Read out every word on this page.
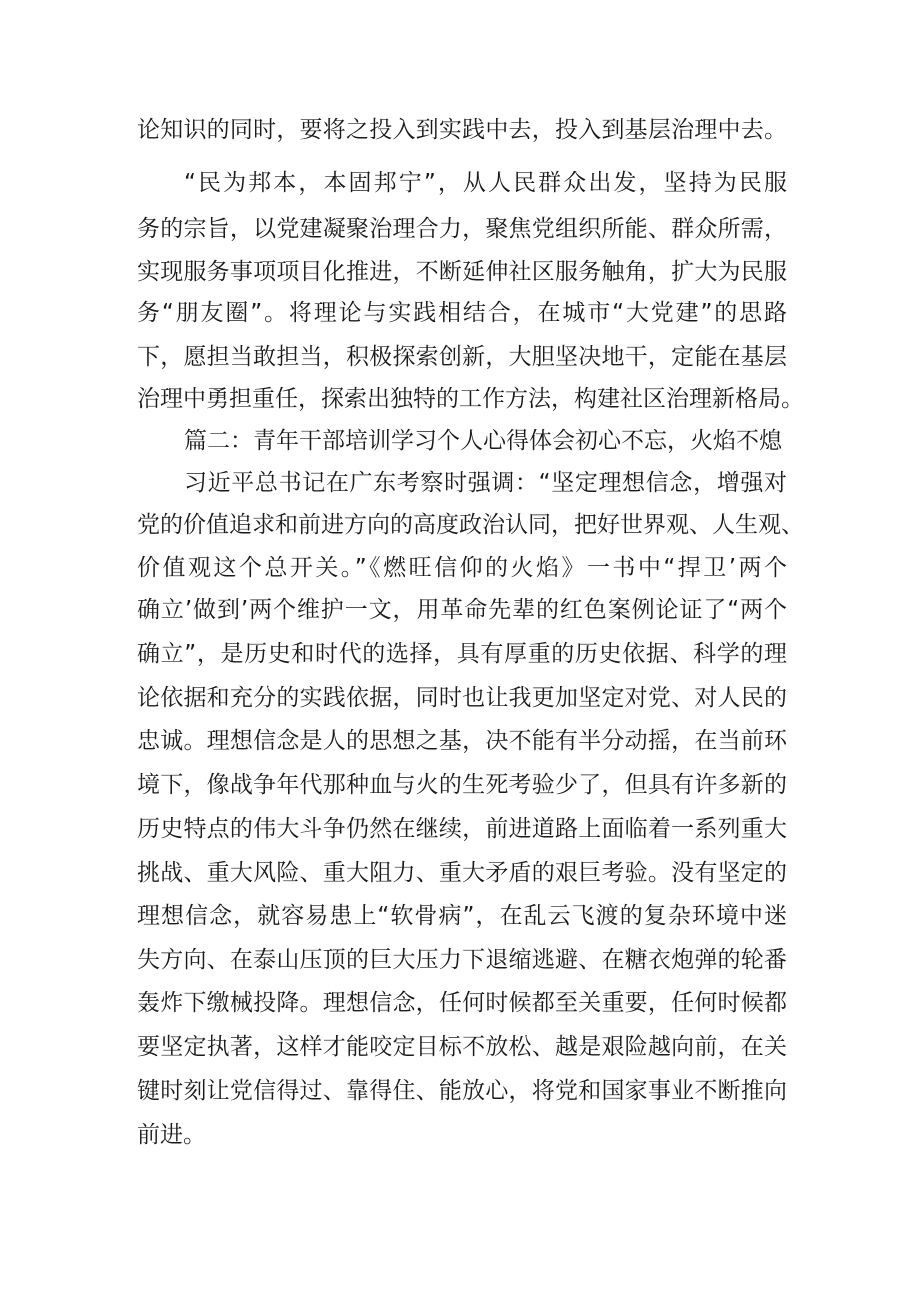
论知识的同时，要将之投入到实践中去，投入到基层治理中去。
“民为邦本，本固邦宁”，从人民群众出发，坚持为民服
务的宗旨，以党建凝聚治理合力，聚焦党组织所能、群众所需，
实现服务事项项目化推进，不断延伸社区服务触角，扩大为民服
务“朋友圈”。将理论与实践相结合，在城市“大党建”的思路
下，愿担当敢担当，积极探索创新，大胆坚决地干，定能在基层
治理中勇担重任，探索出独特的工作方法，构建社区治理新格局。
篇二：青年干部培训学习个人心得体会初心不忘，火焰不熄
习近平总书记在广东考察时强调：“坚定理想信念，增强对
党的价值追求和前进方向的高度政治认同，把好世界观、人生观、
价值观这个总开关。”《燃旺信仰的火焰》一书中“捍卫’两个
确立’做到’两个维护一文，用革命先辈的红色案例论证了“两个
确立”，是历史和时代的选择，具有厚重的历史依据、科学的理
论依据和充分的实践依据，同时也让我更加坚定对党、对人民的
忠诚。理想信念是人的思想之基，决不能有半分动摇，在当前环
境下，像战争年代那种血与火的生死考验少了，但具有许多新的
历史特点的伟大斗争仍然在继续，前进道路上面临着一系列重大
挑战、重大风险、重大阻力、重大矛盾的艰巨考验。没有坚定的
理想信念，就容易患上“软骨病”，在乱云飞渡的复杂环境中迷
失方向、在泰山压顶的巨大压力下退缩逃避、在糖衣炮弹的轮番
轰炸下缴械投降。理想信念，任何时候都至关重要，任何时候都
要坚定执著，这样才能咬定目标不放松、越是艰险越向前，在关
键时刻让党信得过、靠得住、能放心，将党和国家事业不断推向
前进。
